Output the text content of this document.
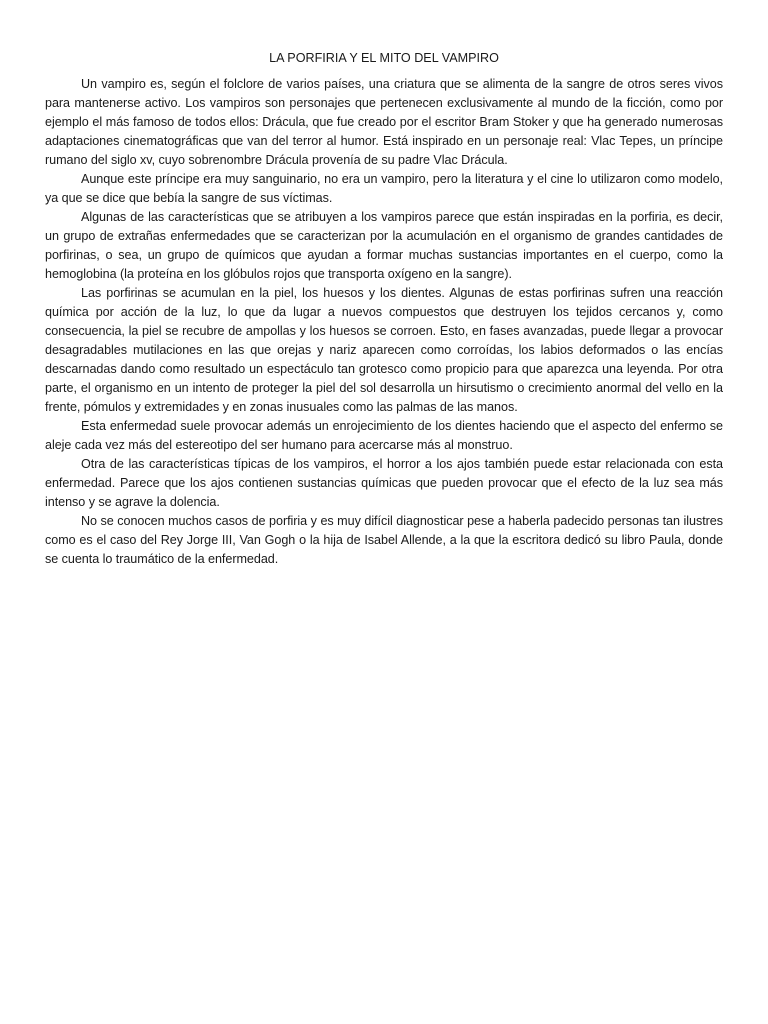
LA PORFIRIA Y EL MITO DEL VAMPIRO

Un vampiro es, según el folclore de varios países, una criatura que se alimenta de la sangre de otros seres vivos para mantenerse activo. Los vampiros son personajes que pertenecen exclusivamente al mundo de la ficción, como por ejemplo el más famoso de todos ellos: Drácula, que fue creado por el escritor Bram Stoker y que ha generado numerosas adaptaciones cinematográficas que van del terror al humor. Está inspirado en un personaje real: Vlac Tepes, un príncipe rumano del siglo xv, cuyo sobrenombre Drácula provenía de su padre Vlac Drácula.

Aunque este príncipe era muy sanguinario, no era un vampiro, pero la literatura y el cine lo utilizaron como modelo, ya que se dice que bebía la sangre de sus víctimas.

Algunas de las características que se atribuyen a los vampiros parece que están inspiradas en la porfiria, es decir, un grupo de extrañas enfermedades que se caracterizan por la acumulación en el organismo de grandes cantidades de porfirinas, o sea, un grupo de químicos que ayudan a formar muchas sustancias importantes en el cuerpo, como la hemoglobina (la proteína en los glóbulos rojos que transporta oxígeno en la sangre).

Las porfirinas se acumulan en la piel, los huesos y los dientes. Algunas de estas porfirinas sufren una reacción química por acción de la luz, lo que da lugar a nuevos compuestos que destruyen los tejidos cercanos y, como consecuencia, la piel se recubre de ampollas y los huesos se corroen. Esto, en fases avanzadas, puede llegar a provocar desagradables mutilaciones en las que orejas y nariz aparecen como corroídas, los labios deformados o las encías descarnadas dando como resultado un espectáculo tan grotesco como propicio para que aparezca una leyenda. Por otra parte, el organismo en un intento de proteger la piel del sol desarrolla un hirsutismo o crecimiento anormal del vello en la frente, pómulos y extremidades y en zonas inusuales como las palmas de las manos.

Esta enfermedad suele provocar además un enrojecimiento de los dientes haciendo que el aspecto del enfermo se aleje cada vez más del estereotipo del ser humano para acercarse más al monstruo.

Otra de las características típicas de los vampiros, el horror a los ajos también puede estar relacionada con esta enfermedad. Parece que los ajos contienen sustancias químicas que pueden provocar que el efecto de la luz sea más intenso y se agrave la dolencia.

No se conocen muchos casos de porfiria y es muy difícil diagnosticar pese a haberla padecido personas tan ilustres como es el caso del Rey Jorge III, Van Gogh o la hija de Isabel Allende, a la que la escritora dedicó su libro Paula, donde se cuenta lo traumático de la enfermedad.
